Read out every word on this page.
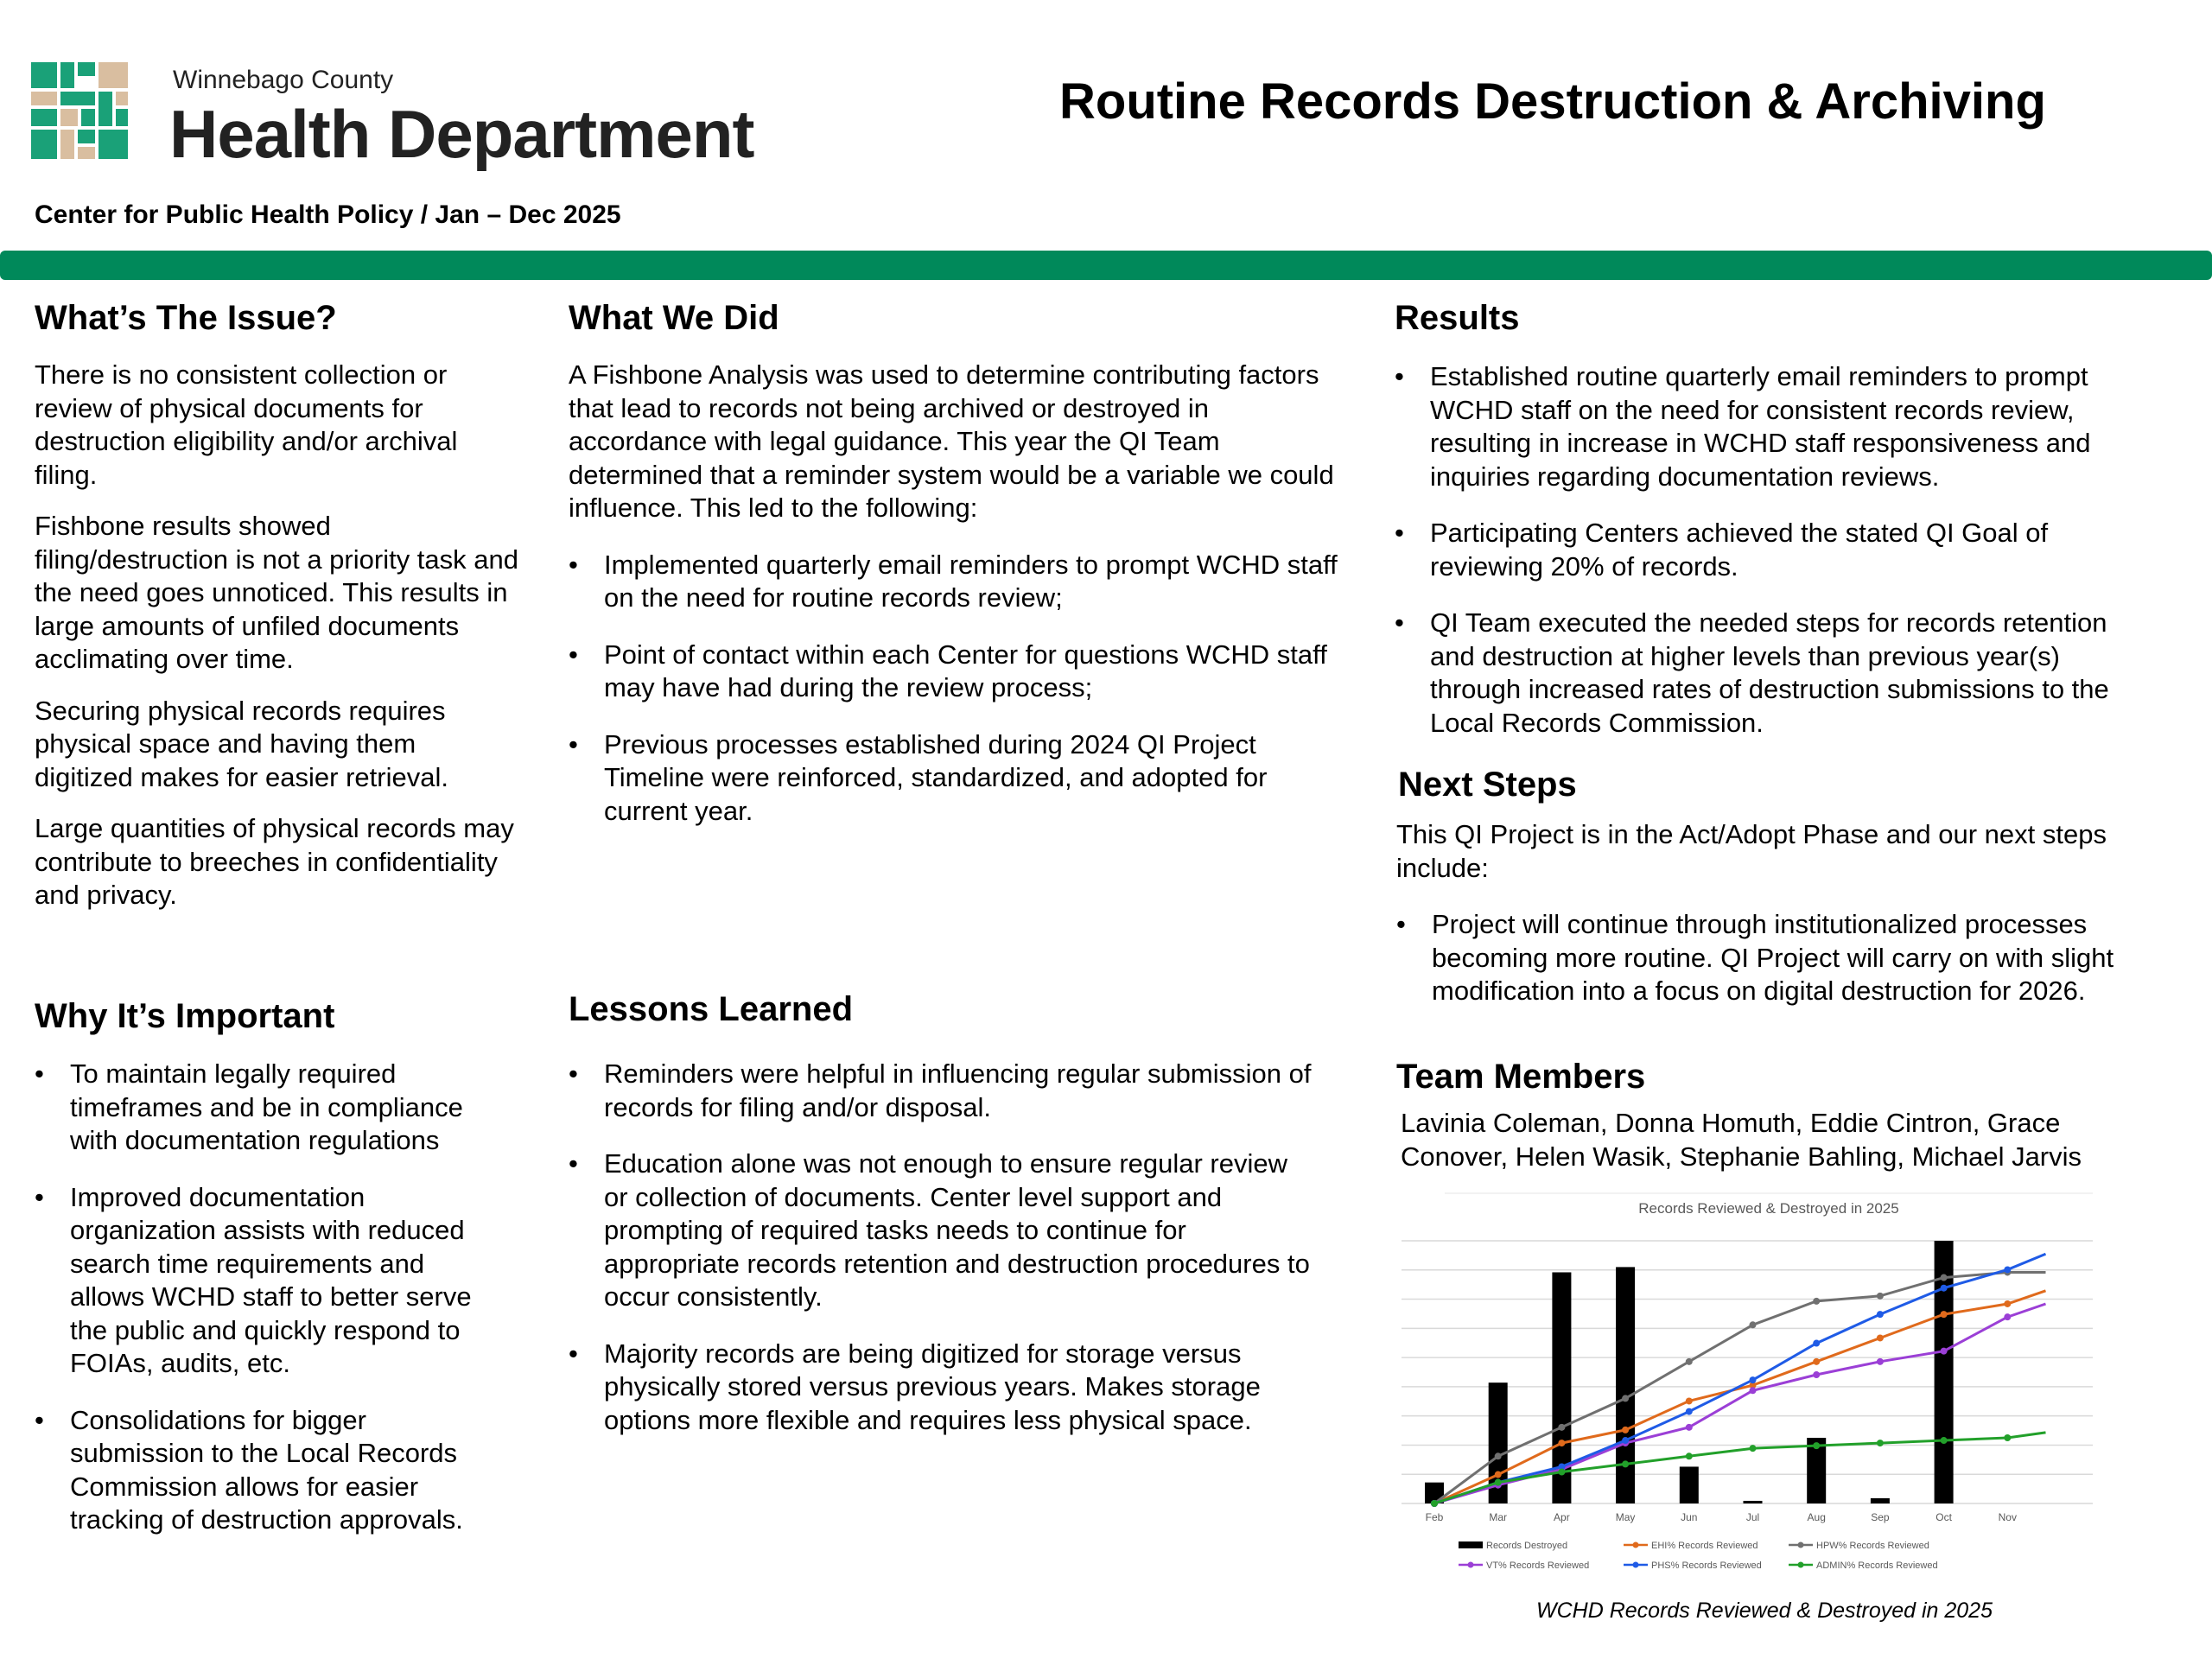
Winnebago County
Health Department	Routine Records Destruction & Archiving
Center for Public Health Policy / Jan – Dec 2025
What’s The Issue?

There is no consistent collection or review of physical documents for destruction eligibility and/or archival filing.

Fishbone results showed filing/destruction is not a priority task and the need goes unnoticed. This results in large amounts of unfiled documents acclimating over time.

Securing physical records requires physical space and having them digitized makes for easier retrieval.

Large quantities of physical records may contribute to breeches in confidentiality and privacy.

Why It’s Important
• To maintain legally required timeframes and be in compliance with documentation regulations
• Improved documentation organization assists with reduced search time requirements and allows WCHD staff to better serve the public and quickly respond to FOIAs, audits, etc.
• Consolidations for bigger submission to the Local Records Commission allows for easier tracking of destruction approvals.
What We Did

A Fishbone Analysis was used to determine contributing factors that lead to records not being archived or destroyed in accordance with legal guidance. This year the QI Team determined that a reminder system would be a variable we could influence. This led to the following:

• Implemented quarterly email reminders to prompt WCHD staff on the need for routine records review;
• Point of contact within each Center for questions WCHD staff may have had during the review process;
• Previous processes established during 2024 QI Project Timeline were reinforced, standardized, and adopted for current year.
Lessons Learned
• Reminders were helpful in influencing regular submission of records for filing and/or disposal.
• Education alone was not enough to ensure regular review or collection of documents. Center level support and prompting of required tasks needs to continue for appropriate records retention and destruction procedures to occur consistently.
• Majority records are being digitized for storage versus physically stored versus previous years. Makes storage options more flexible and requires less physical space.
Results
• Established routine quarterly email reminders to prompt WCHD staff on the need for consistent records review, resulting in increase in WCHD staff responsiveness and inquiries regarding documentation reviews.
• Participating Centers achieved the stated QI Goal of reviewing 20% of records.
• QI Team executed the needed steps for records retention and destruction at higher levels than previous year(s) through increased rates of destruction submissions to the Local Records Commission.
Next Steps

This QI Project is in the Act/Adopt Phase and our next steps include:

• Project will continue through institutionalized processes becoming more routine. QI Project will carry on with slight modification into a focus on digital destruction for 2026.
Team Members
Lavinia Coleman, Donna Homuth, Eddie Cintron, Grace Conover, Helen Wasik, Stephanie Bahling, Michael Jarvis
Records Reviewed & Destroyed in 2025
Feb	Mar	Apr	May	Jun	Jul	Aug	Sep	Oct	Nov
Records Destroyed	EHI% Records Reviewed	HPW% Records Reviewed
VT% Records Reviewed	PHS% Records Reviewed	ADMIN% Records Reviewed
WCHD Records Reviewed & Destroyed in 2025
